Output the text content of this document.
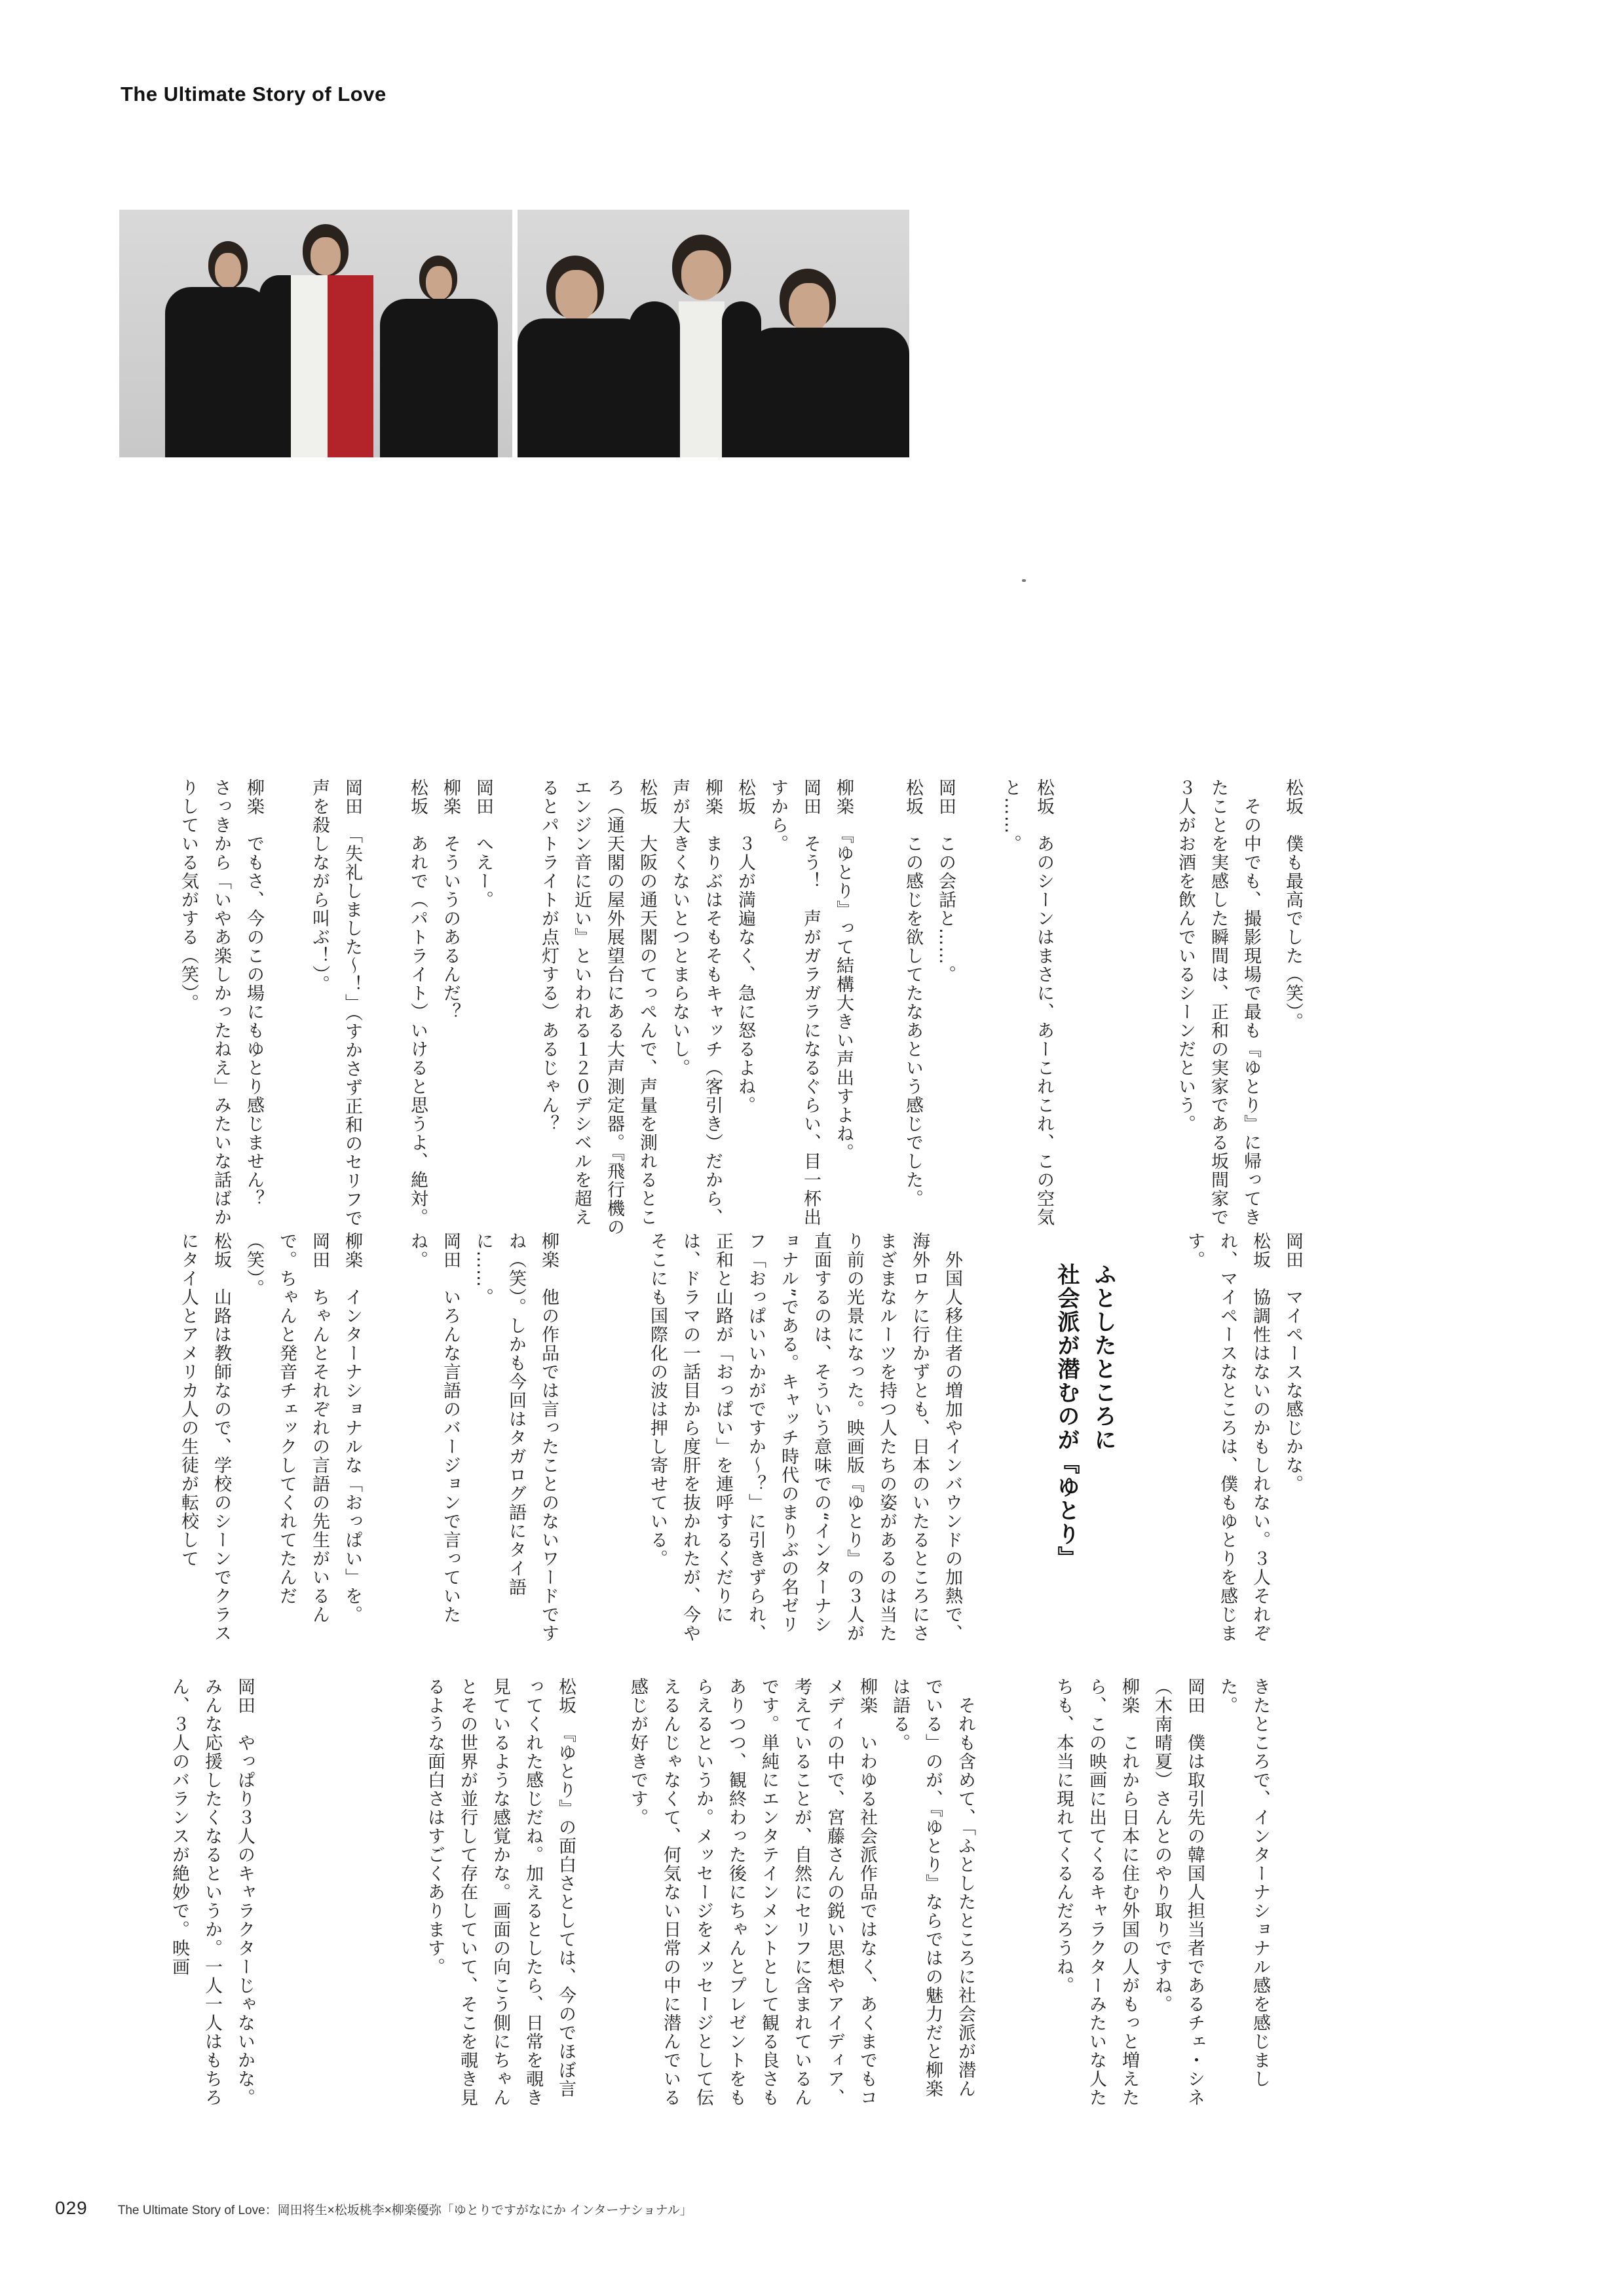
The Ultimate Story of Love
松坂　僕も最高でした（笑）。
　その中でも、撮影現場で最も『ゆとり』に帰ってきたことを実感した瞬間は、正和の実家である坂間家で３人がお酒を飲んでいるシーンだという。
松坂　あのシーンはまさに、あーこれこれ、この空気と……。
岡田　この会話と……。
松坂　この感じを欲してたなあという感じでした。
柳楽　『ゆとり』って結構大きい声出すよね。
岡田　そう！　声がガラガラになるぐらい、目一杯出すから。
松坂　３人が満遍なく、急に怒るよね。
柳楽　まりぶはそもそもキャッチ（客引き）だから、声が大きくないとつとまらないし。
松坂　大阪の通天閣のてっぺんで、声量を測れるところ（通天閣の屋外展望台にある大声測定器。『飛行機のエンジン音に近い』といわれる１２０デシベルを超えるとパトライトが点灯する）あるじゃん？
岡田　へえー。
柳楽　そういうのあるんだ？
松坂　あれで（パトライト）いけると思うよ、絶対。
岡田　「失礼しました～！」（すかさず正和のセリフで声を殺しながら叫ぶ！）。
柳楽　でもさ、今のこの場にもゆとり感じません？　さっきから「いやあ楽しかったねえ」みたいな話ばかりしている気がする（笑）。
岡田　マイペースな感じかな。
松坂　協調性はないのかもしれない。３人それぞれ、マイペースなところは、僕もゆとりを感じます。

ふとしたところに

社会派が潜むのが『ゆとり』

　外国人移住者の増加やインバウンドの加熱で、海外ロケに行かずとも、日本のいたるところにさまざまなルーツを持つ人たちの姿があるのは当たり前の光景になった。映画版『ゆとり』の３人が直面するのは、そういう意味での“インターナショナル”である。キャッチ時代のまりぶの名ゼリフ「おっぱいいかがですか～？」に引きずられ、正和と山路が「おっぱい」を連呼するくだりには、ドラマの一話目から度肝を抜かれたが、今やそこにも国際化の波は押し寄せている。
柳楽　他の作品では言ったことのないワードですね（笑）。しかも今回はタガログ語にタイ語に……。
岡田　いろんな言語のバージョンで言っていたね。
柳楽　インターナショナルな「おっぱい」を。
岡田　ちゃんとそれぞれの言語の先生がいるんで。ちゃんと発音チェックしてくれてたんだ（笑）。
松坂　山路は教師なので、学校のシーンでクラスにタイ人とアメリカ人の生徒が転校して
きたところで、インターナショナル感を感じました。
岡田　僕は取引先の韓国人担当者であるチェ・シネ（木南晴夏）さんとのやり取りですね。
柳楽　これから日本に住む外国の人がもっと増えたら、この映画に出てくるキャラクターみたいな人たちも、本当に現れてくるんだろうね。
　それも含めて、「ふとしたところに社会派が潜んでいる」のが、『ゆとり』ならではの魅力だと柳楽は語る。
柳楽　いわゆる社会派作品ではなく、あくまでもコメディの中で、宮藤さんの鋭い思想やアイディア、考えていることが、自然にセリフに含まれているんです。単純にエンタテインメントとして観る良さもありつつ、観終わった後にちゃんとプレゼントをもらえるというか。メッセージをメッセージとして伝えるんじゃなくて、何気ない日常の中に潜んでいる感じが好きです。
松坂　『ゆとり』の面白さとしては、今のでほぼ言ってくれた感じだね。加えるとしたら、日常を覗き見ているような感覚かな。画面の向こう側にちゃんとその世界が並行して存在していて、そこを覗き見るような面白さはすごくあります。
岡田　やっぱり３人のキャラクターじゃないかな。みんな応援したくなるというか。一人一人はもちろん、３人のバランスが絶妙で。映画
029 The Ultimate Story of Love：岡田将生×松坂桃李×柳楽優弥「ゆとりですがなにか インターナショナル」
